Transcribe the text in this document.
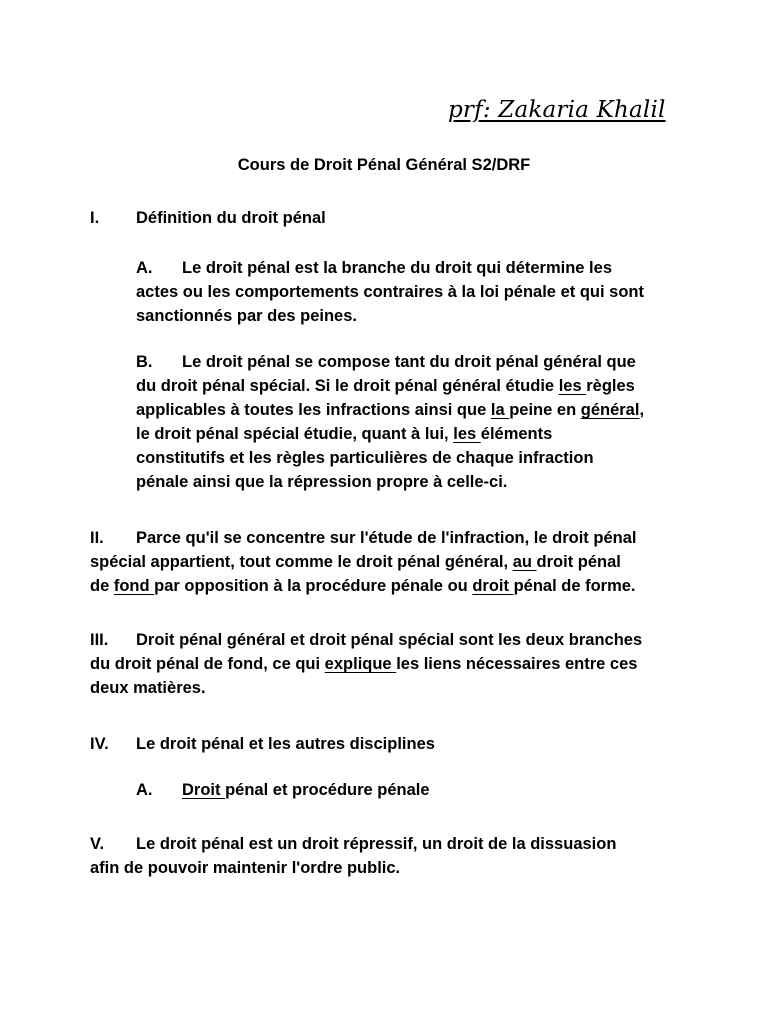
prf: Zakaria Khalil
Cours de Droit Pénal Général S2/DRF
I. Définition du droit pénal
A. Le droit pénal est la branche du droit qui détermine les
actes ou les comportements contraires à la loi pénale et qui sont
sanctionnés par des peines.
B. Le droit pénal se compose tant du droit pénal général que
du droit pénal spécial. Si le droit pénal général étudie les règles
applicables à toutes les infractions ainsi que la peine en général,
le droit pénal spécial étudie, quant à lui, les éléments
constitutifs et les règles particulières de chaque infraction
pénale ainsi que la répression propre à celle-ci.
II. Parce qu'il se concentre sur l'étude de l'infraction, le droit pénal
spécial appartient, tout comme le droit pénal général, au droit pénal
de fond par opposition à la procédure pénale ou droit pénal de forme.
III. Droit pénal général et droit pénal spécial sont les deux branches
du droit pénal de fond, ce qui explique les liens nécessaires entre ces
deux matières.
IV. Le droit pénal et les autres disciplines
A. Droit pénal et procédure pénale
V. Le droit pénal est un droit répressif, un droit de la dissuasion
afin de pouvoir maintenir l'ordre public.
